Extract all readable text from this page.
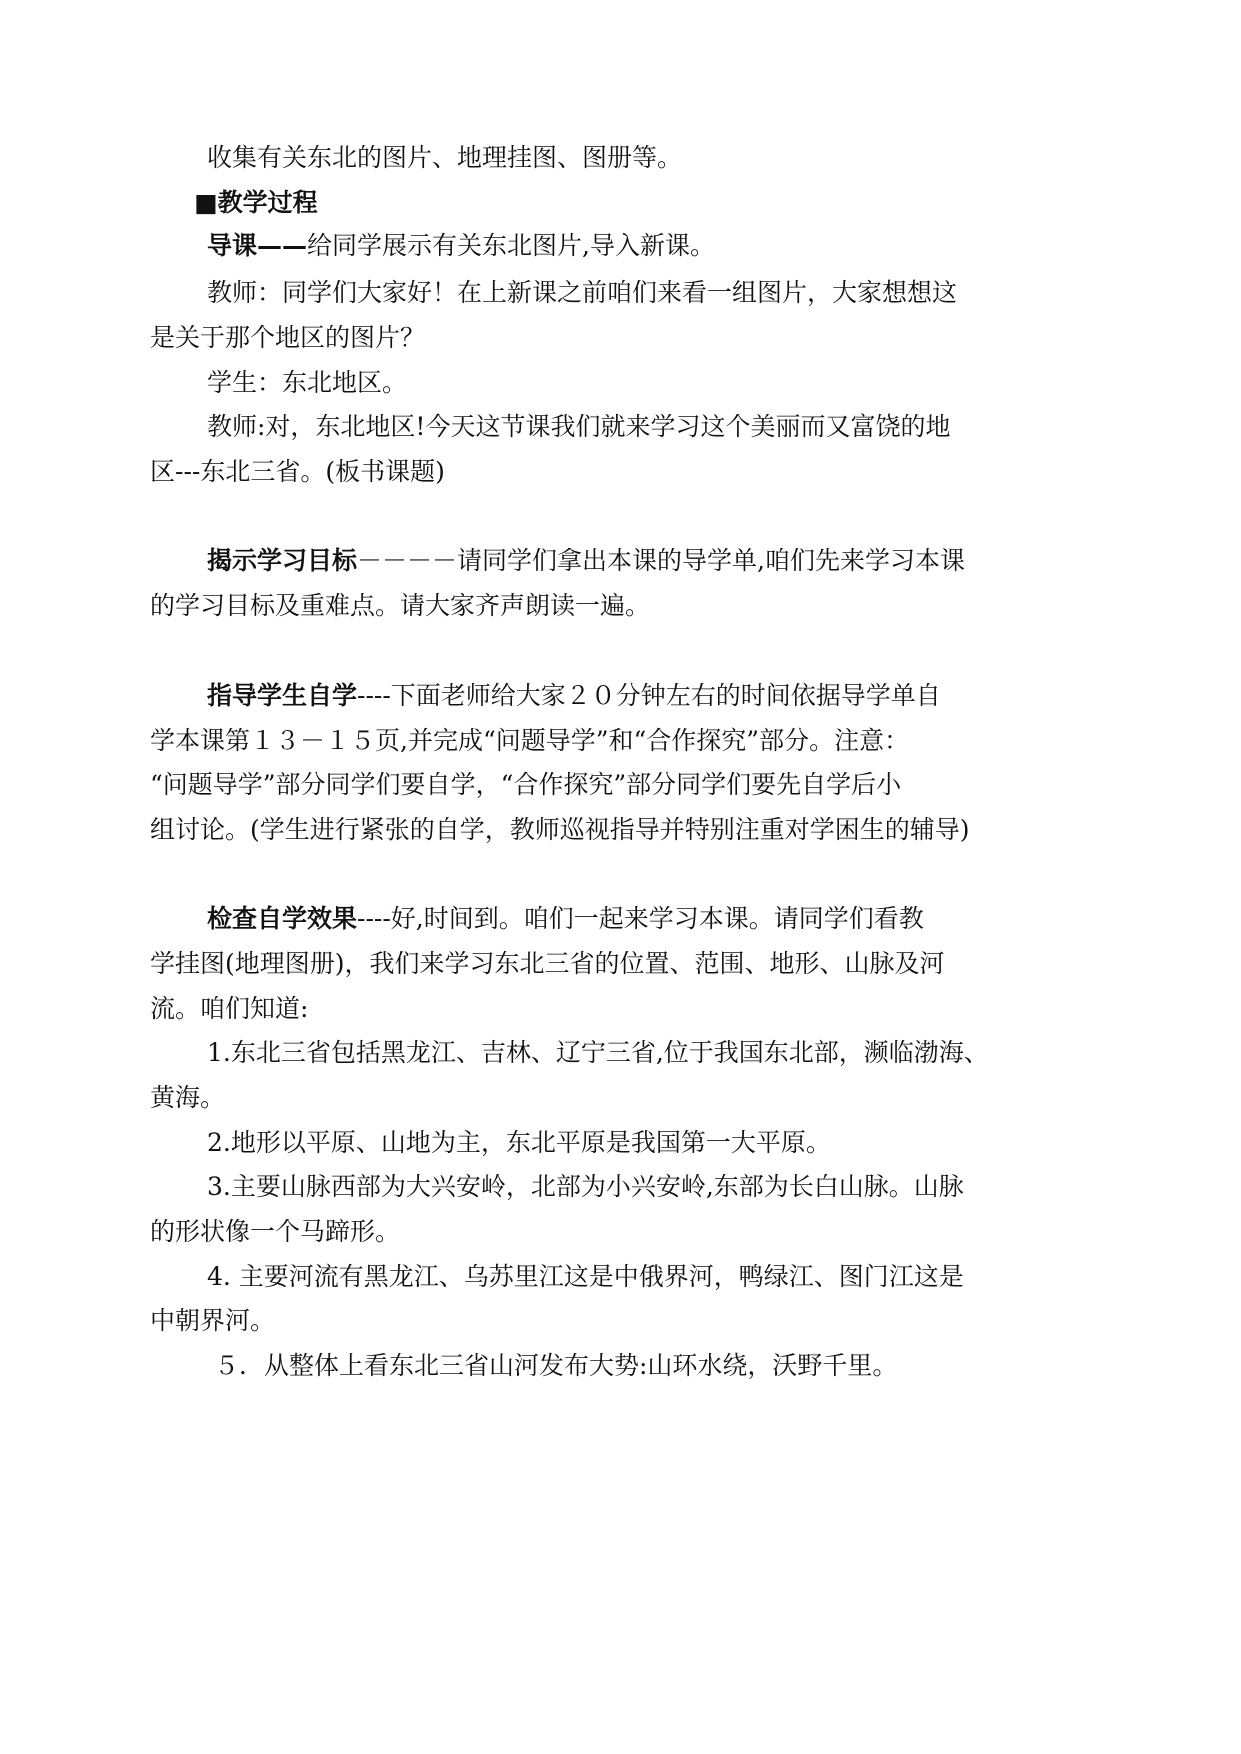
收集有关东北的图片、地理挂图、图册等。

■教学过程

导课——给同学展示有关东北图片,导入新课。

教师：同学们大家好！在上新课之前咱们来看一组图片，大家想想这

是关于那个地区的图片？

学生：东北地区。

教师:对，东北地区!今天这节课我们就来学习这个美丽而又富饶的地

区---东北三省。(板书课题)

揭示学习目标－－－－请同学们拿出本课的导学单,咱们先来学习本课

的学习目标及重难点。请大家齐声朗读一遍。

指导学生自学----下面老师给大家２０分钟左右的时间依据导学单自

学本课第１３－１５页,并完成“问题导学”和“合作探究”部分。注意：

“问题导学”部分同学们要自学，“合作探究”部分同学们要先自学后小

组讨论。(学生进行紧张的自学，教师巡视指导并特别注重对学困生的辅导)

检查自学效果----好,时间到。咱们一起来学习本课。请同学们看教

学挂图(地理图册)，我们来学习东北三省的位置、范围、地形、山脉及河

流。咱们知道:

1.东北三省包括黑龙江、吉林、辽宁三省,位于我国东北部，濒临渤海、

黄海。

2.地形以平原、山地为主，东北平原是我国第一大平原。

3.主要山脉西部为大兴安岭，北部为小兴安岭,东部为长白山脉。山脉

的形状像一个马蹄形。

4. 主要河流有黑龙江、乌苏里江这是中俄界河，鸭绿江、图门江这是

中朝界河。

５．从整体上看东北三省山河发布大势:山环水绕，沃野千里。
